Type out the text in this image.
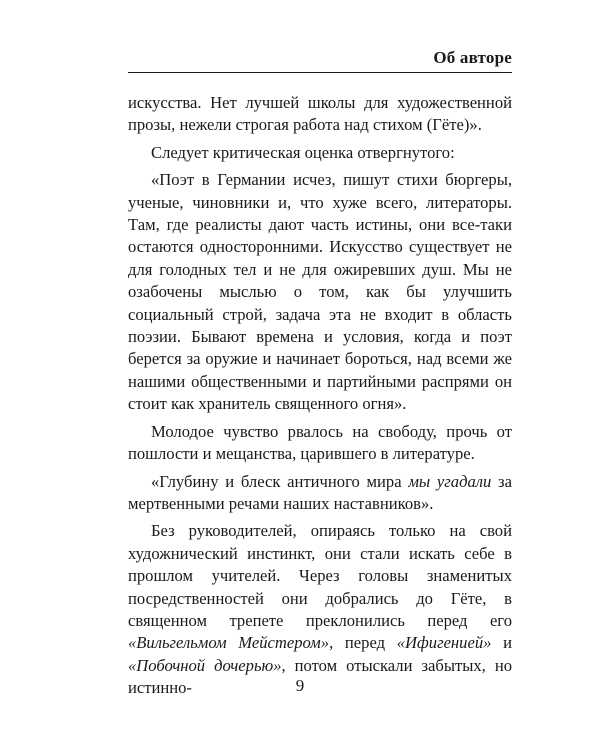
Об авторе

искусства. Нет лучшей школы для художественной прозы, нежели строгая работа над стихом (Гёте)».

Следует критическая оценка отвергнутого:

«Поэт в Германии исчез, пишут стихи бюргеры, ученые, чиновники и, что хуже всего, литераторы. Там, где реалисты дают часть истины, они все-таки остаются односторонними. Искусство существует не для голодных тел и не для ожиревших душ. Мы не озабочены мыслью о том, как бы улучшить социальный строй, задача эта не входит в область поэзии. Бывают времена и условия, когда и поэт берется за оружие и начинает бороться, над всеми же нашими общественными и партийными распрями он стоит как хранитель священного огня».

Молодое чувство рвалось на свободу, прочь от пошлости и мещанства, царившего в литературе.

«Глубину и блеск античного мира мы угадали за мертвенными речами наших наставников».

Без руководителей, опираясь только на свой художнический инстинкт, они стали искать себе в прошлом учителей. Через головы знаменитых посредственностей они добрались до Гёте, в священном трепете преклонились перед его «Вильгельмом Мейстером», перед «Ифигенией» и «Побочной дочерью», потом отыскали забытых, но истинно-	9
